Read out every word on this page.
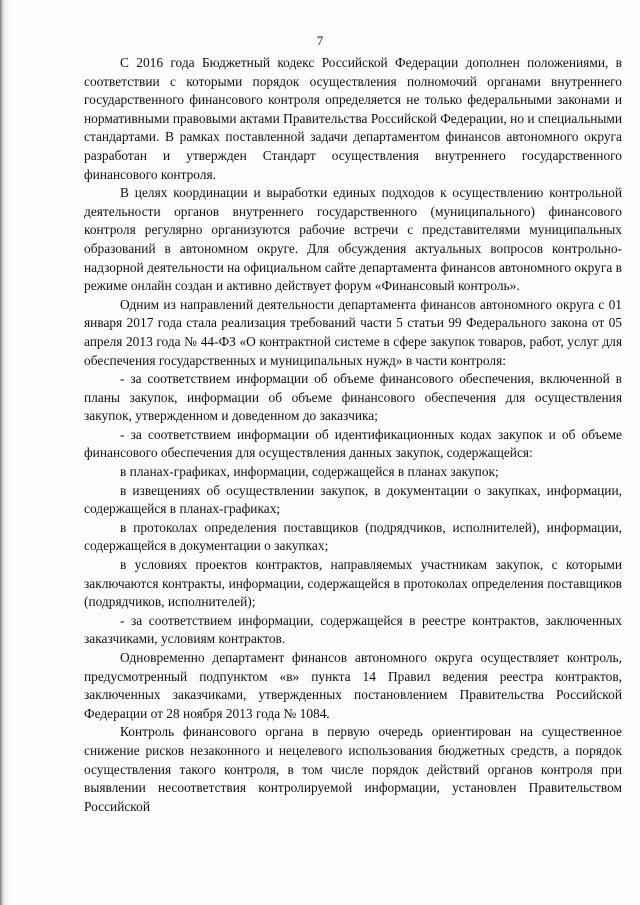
7

С 2016 года Бюджетный кодекс Российской Федерации дополнен положениями, в соответствии с которыми порядок осуществления полномочий органами внутреннего государственного финансового контроля определяется не только федеральными законами и нормативными правовыми актами Правительства Российской Федерации, но и специальными стандартами. В рамках поставленной задачи департаментом финансов автономного округа разработан и утвержден Стандарт осуществления внутреннего государственного финансового контроля.

В целях координации и выработки единых подходов к осуществлению контрольной деятельности органов внутреннего государственного (муниципального) финансового контроля регулярно организуются рабочие встречи с представителями муниципальных образований в автономном округе. Для обсуждения актуальных вопросов контрольно-надзорной деятельности на официальном сайте департамента финансов автономного округа в режиме онлайн создан и активно действует форум «Финансовый контроль».

Одним из направлений деятельности департамента финансов автономного округа с 01 января 2017 года стала реализация требований части 5 статьи 99 Федерального закона от 05 апреля 2013 года № 44-ФЗ «О контрактной системе в сфере закупок товаров, работ, услуг для обеспечения государственных и муниципальных нужд» в части контроля:

- за соответствием информации об объеме финансового обеспечения, включенной в планы закупок, информации об объеме финансового обеспечения для осуществления закупок, утвержденном и доведенном до заказчика;

- за соответствием информации об идентификационных кодах закупок и об объеме финансового обеспечения для осуществления данных закупок, содержащейся:

в планах-графиках, информации, содержащейся в планах закупок;

в извещениях об осуществлении закупок, в документации о закупках, информации, содержащейся в планах-графиках;

в протоколах определения поставщиков (подрядчиков, исполнителей), информации, содержащейся в документации о закупках;

в условиях проектов контрактов, направляемых участникам закупок, с которыми заключаются контракты, информации, содержащейся в протоколах определения поставщиков (подрядчиков, исполнителей);

- за соответствием информации, содержащейся в реестре контрактов, заключенных заказчиками, условиям контрактов.

Одновременно департамент финансов автономного округа осуществляет контроль, предусмотренный подпунктом «в» пункта 14 Правил ведения реестра контрактов, заключенных заказчиками, утвержденных постановлением Правительства Российской Федерации от 28 ноября 2013 года № 1084.

Контроль финансового органа в первую очередь ориентирован на существенное снижение рисков незаконного и нецелевого использования бюджетных средств, а порядок осуществления такого контроля, в том числе порядок действий органов контроля при выявлении несоответствия контролируемой информации, установлен Правительством Российской
